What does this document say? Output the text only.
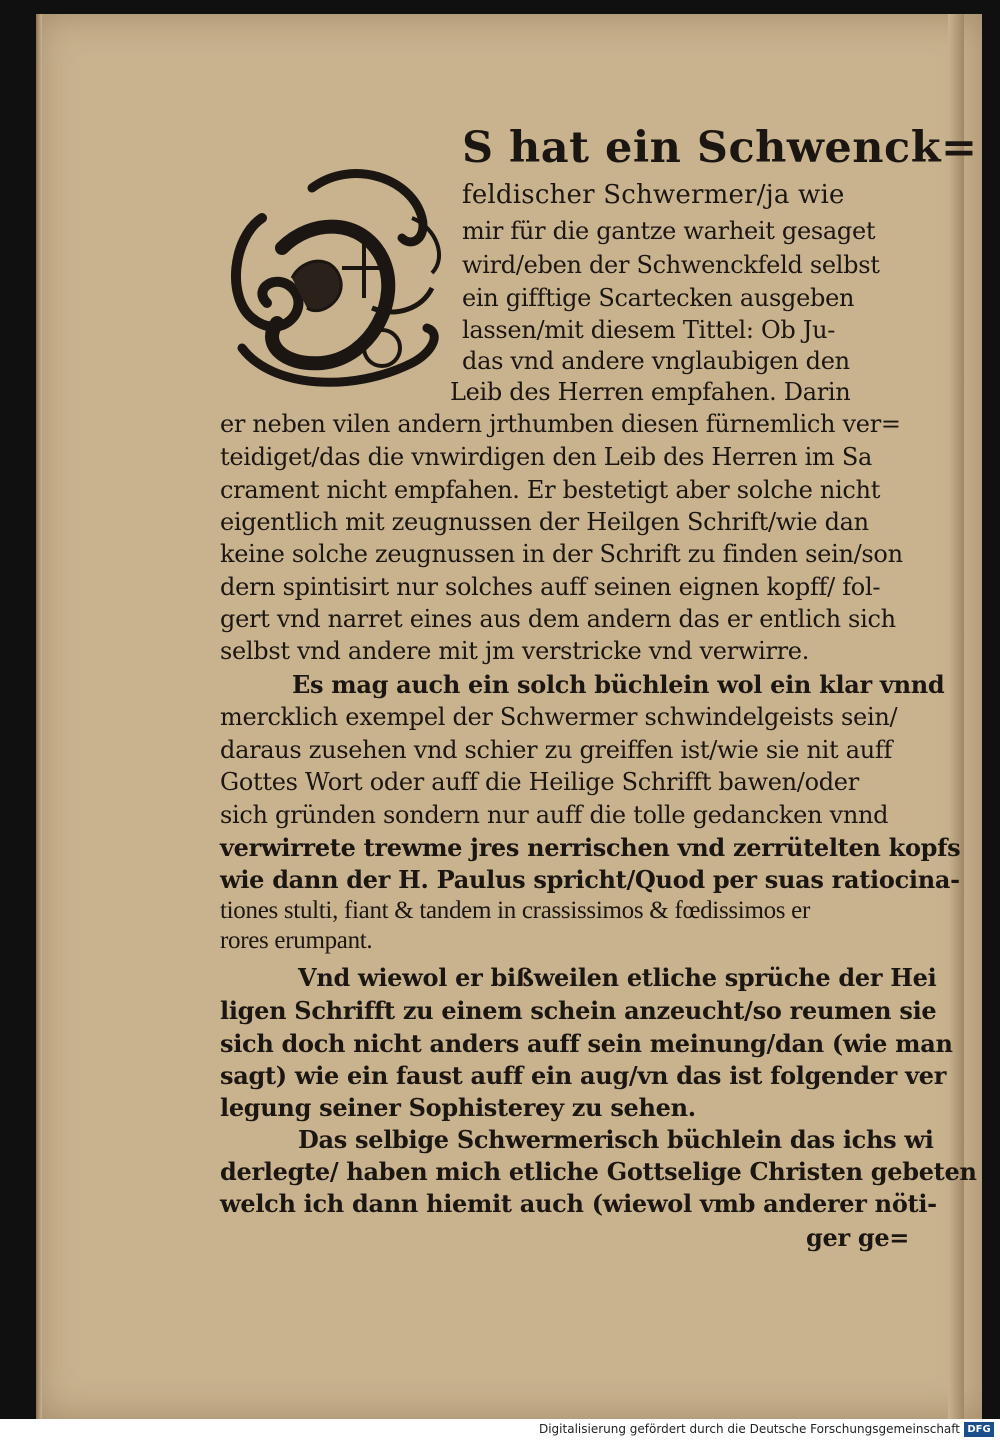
S hat ein Schwenck=
feldischer Schwermer/ja wie
mir für die gantze warheit gesaget
wird/eben der Schwenckfeld selbst
ein gifftige Scartecken ausgeben
lassen/mit diesem Tittel: Ob Ju-
das vnd andere vnglaubigen den
Leib des Herren empfahen. Darin
er neben vilen andern jrthumben diesen fürnemlich ver=
teidiget/das die vnwirdigen den Leib des Herren im Sa
crament nicht empfahen. Er bestetigt aber solche nicht
eigentlich mit zeugnussen der Heilgen Schrift/wie dan
keine solche zeugnussen in der Schrift zu finden sein/son
dern spintisirt nur solches auff seinen eignen kopff/ fol-
gert vnd narret eines aus dem andern das er entlich sich
selbst vnd andere mit jm verstricke vnd verwirre.
Es mag auch ein solch büchlein wol ein klar vnnd
mercklich exempel der Schwermer schwindelgeists sein/
daraus zusehen vnd schier zu greiffen ist/wie sie nit auff
Gottes Wort oder auff die Heilige Schrifft bawen/oder
sich gründen sondern nur auff die tolle gedancken vnnd
verwirrete trewme jres nerrischen vnd zerrütelten kopfs
wie dann der H. Paulus spricht/Quod per suas ratiocina-
tiones stulti, fiant & tandem in crassissimos & fœdissimos er
rores erumpant.
Vnd wiewol er bißweilen etliche sprüche der Hei
ligen Schrifft zu einem schein anzeucht/so reumen sie
sich doch nicht anders auff sein meinung/dan (wie man
sagt) wie ein faust auff ein aug/vn das ist folgender ver
legung seiner Sophisterey zu sehen.
Das selbige Schwermerisch büchlein das ichs wi
derlegte/ haben mich etliche Gottselige Christen gebeten
welch ich dann hiemit auch (wiewol vmb anderer nöti-
ger ge=
Digitalisierung gefördert durch die Deutsche Forschungsgemeinschaft DFG
